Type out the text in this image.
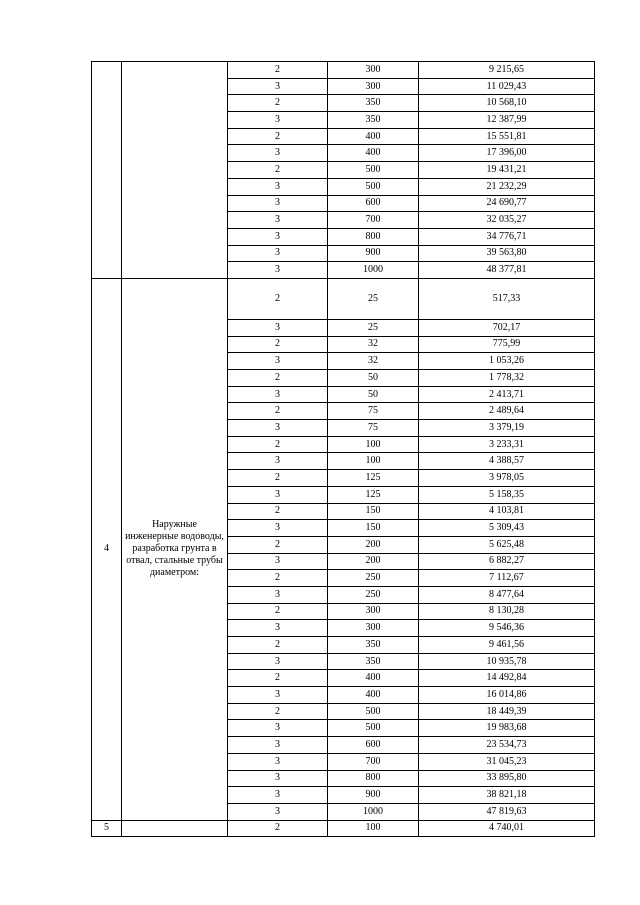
		2	300	9 215,65
		3	300	11 029,43
		2	350	10 568,10
		3	350	12 387,99
		2	400	15 551,81
		3	400	17 396,00
		2	500	19 431,21
		3	500	21 232,29
		3	600	24 690,77
		3	700	32 035,27
		3	800	34 776,71
		3	900	39 563,80
		3	1000	48 377,81
4	Наружные инженерные водоводы, разработка грунта в отвал, стальные трубы диаметром:	2	25	517,33
		3	25	702,17
		2	32	775,99
		3	32	1 053,26
		2	50	1 778,32
		3	50	2 413,71
		2	75	2 489,64
		3	75	3 379,19
		2	100	3 233,31
		3	100	4 388,57
		2	125	3 978,05
		3	125	5 158,35
		2	150	4 103,81
		3	150	5 309,43
		2	200	5 625,48
		3	200	6 882,27
		2	250	7 112,67
		3	250	8 477,64
		2	300	8 130,28
		3	300	9 546,36
		2	350	9 461,56
		3	350	10 935,78
		2	400	14 492,84
		3	400	16 014,86
		2	500	18 449,39
		3	500	19 983,68
		3	600	23 534,73
		3	700	31 045,23
		3	800	33 895,80
		3	900	38 821,18
		3	1000	47 819,63
5		2	100	4 740,01
